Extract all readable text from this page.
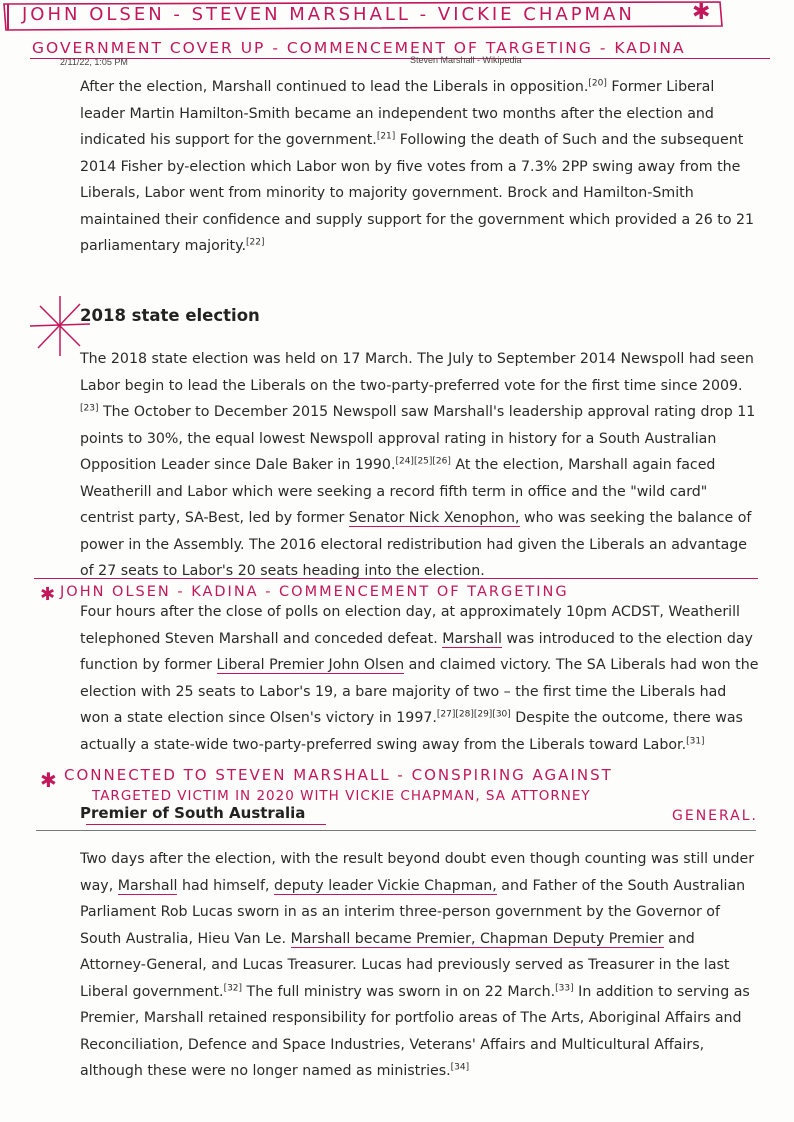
JOHN OLSEN - STEVEN MARSHALL - VICKIE CHAPMAN	✱
GOVERNMENT COVER UP - COMMENCEMENT OF TARGETING - KADINA
2/11/22, 1:05 PM	Steven Marshall - Wikipedia

After the election, Marshall continued to lead the Liberals in opposition.[20] Former Liberal leader Martin Hamilton-Smith became an independent two months after the election and indicated his support for the government.[21] Following the death of Such and the subsequent 2014 Fisher by-election which Labor won by five votes from a 7.3% 2PP swing away from the Liberals, Labor went from minority to majority government. Brock and Hamilton-Smith maintained their confidence and supply support for the government which provided a 26 to 21 parliamentary majority.[22]

2018 state election

The 2018 state election was held on 17 March. The July to September 2014 Newspoll had seen Labor begin to lead the Liberals on the two-party-preferred vote for the first time since 2009.[23] The October to December 2015 Newspoll saw Marshall's leadership approval rating drop 11 points to 30%, the equal lowest Newspoll approval rating in history for a South Australian Opposition Leader since Dale Baker in 1990.[24][25][26] At the election, Marshall again faced Weatherill and Labor which were seeking a record fifth term in office and the "wild card" centrist party, SA-Best, led by former Senator Nick Xenophon, who was seeking the balance of power in the Assembly. The 2016 electoral redistribution had given the Liberals an advantage of 27 seats to Labor's 20 seats heading into the election.

✱ JOHN OLSEN - KADINA - COMMENCEMENT OF TARGETING

Four hours after the close of polls on election day, at approximately 10pm ACDST, Weatherill telephoned Steven Marshall and conceded defeat. Marshall was introduced to the election day function by former Liberal Premier John Olsen and claimed victory. The SA Liberals had won the election with 25 seats to Labor's 19, a bare majority of two – the first time the Liberals had won a state election since Olsen's victory in 1997.[27][28][29][30] Despite the outcome, there was actually a state-wide two-party-preferred swing away from the Liberals toward Labor.[31]

✱ CONNECTED TO STEVEN MARSHALL - CONSPIRING AGAINST
TARGETED VICTIM IN 2020 WITH VICKIE CHAPMAN, SA ATTORNEY
GENERAL.
Premier of South Australia

Two days after the election, with the result beyond doubt even though counting was still under way, Marshall had himself, deputy leader Vickie Chapman, and Father of the South Australian Parliament Rob Lucas sworn in as an interim three-person government by the Governor of South Australia, Hieu Van Le. Marshall became Premier, Chapman Deputy Premier and Attorney-General, and Lucas Treasurer. Lucas had previously served as Treasurer in the last Liberal government.[32] The full ministry was sworn in on 22 March.[33] In addition to serving as Premier, Marshall retained responsibility for portfolio areas of The Arts, Aboriginal Affairs and Reconciliation, Defence and Space Industries, Veterans' Affairs and Multicultural Affairs, although these were no longer named as ministries.[34]
